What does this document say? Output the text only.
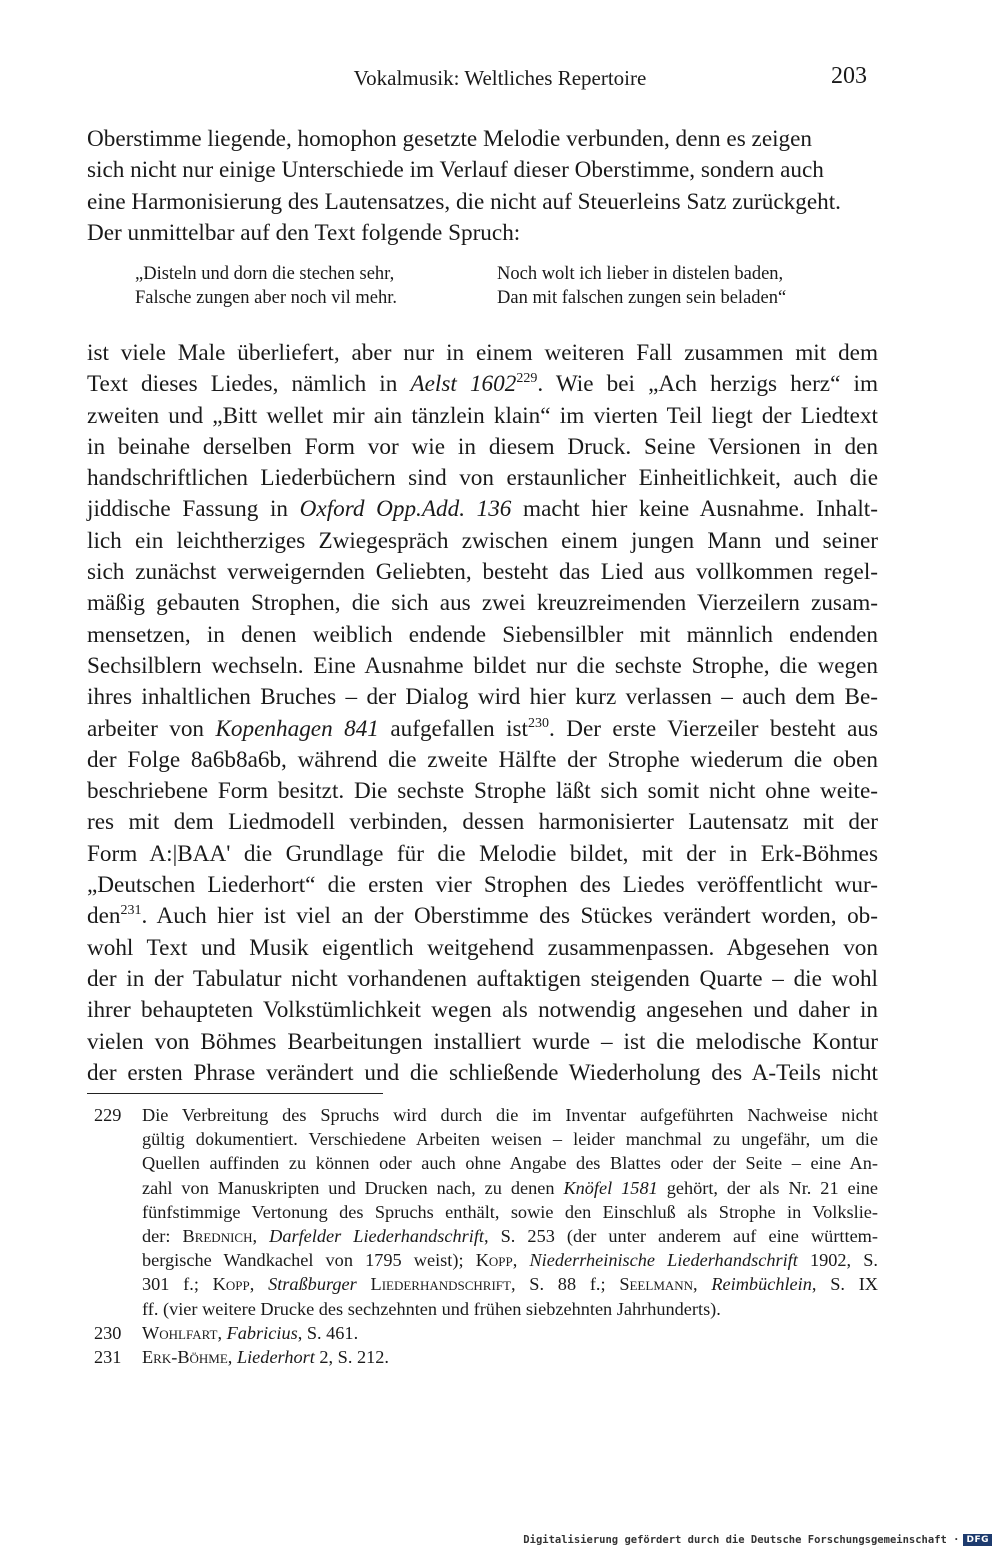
Vokalmusik: Weltliches Repertoire	203
Oberstimme liegende, homophon gesetzte Melodie verbunden, denn es zeigen
sich nicht nur einige Unterschiede im Verlauf dieser Oberstimme, sondern auch
eine Harmonisierung des Lautensatzes, die nicht auf Steuerleins Satz zurückgeht.
Der unmittelbar auf den Text folgende Spruch:
„Disteln und dorn die stechen sehr,
Falsche zungen aber noch vil mehr.
Noch wolt ich lieber in distelen baden,
Dan mit falschen zungen sein beladen“
ist viele Male überliefert, aber nur in einem weiteren Fall zusammen mit dem
Text dieses Liedes, nämlich in Aelst 1602$^{229}$. Wie bei „Ach herzigs herz“ im
zweiten und „Bitt wellet mir ain tänzlein klain“ im vierten Teil liegt der Liedtext
in beinahe derselben Form vor wie in diesem Druck. Seine Versionen in den
handschriftlichen Liederbüchern sind von erstaunlicher Einheitlichkeit, auch die
jiddische Fassung in Oxford Opp.Add. 136 macht hier keine Ausnahme. Inhalt-
lich ein leichtherziges Zwiegespräch zwischen einem jungen Mann und seiner
sich zunächst verweigernden Geliebten, besteht das Lied aus vollkommen regel-
mäßig gebauten Strophen, die sich aus zwei kreuzreimenden Vierzeilern zusam-
mensetzen, in denen weiblich endende Siebensilbler mit männlich endenden
Sechsilblern wechseln. Eine Ausnahme bildet nur die sechste Strophe, die wegen
ihres inhaltlichen Bruches – der Dialog wird hier kurz verlassen – auch dem Be-
arbeiter von Kopenhagen 841 aufgefallen ist$^{230}$. Der erste Vierzeiler besteht aus
der Folge 8a6b8a6b, während die zweite Hälfte der Strophe wiederum die oben
beschriebene Form besitzt. Die sechste Strophe läßt sich somit nicht ohne weite-
res mit dem Liedmodell verbinden, dessen harmonisierter Lautensatz mit der
Form A:|BAA' die Grundlage für die Melodie bildet, mit der in Erk-Böhmes
„Deutschen Liederhort“ die ersten vier Strophen des Liedes veröffentlicht wur-
den$^{231}$. Auch hier ist viel an der Oberstimme des Stückes verändert worden, ob-
wohl Text und Musik eigentlich weitgehend zusammenpassen. Abgesehen von
der in der Tabulatur nicht vorhandenen auftaktigen steigenden Quarte – die wohl
ihrer behaupteten Volkstümlichkeit wegen als notwendig angesehen und daher in
vielen von Böhmes Bearbeitungen installiert wurde – ist die melodische Kontur
der ersten Phrase verändert und die schließende Wiederholung des A-Teils nicht
229 Die Verbreitung des Spruchs wird durch die im Inventar aufgeführten Nachweise nicht
gültig dokumentiert. Verschiedene Arbeiten weisen – leider manchmal zu ungefähr, um die
Quellen auffinden zu können oder auch ohne Angabe des Blattes oder der Seite – eine An-
zahl von Manuskripten und Drucken nach, zu denen Knöfel 1581 gehört, der als Nr. 21 eine
fünfstimmige Vertonung des Spruchs enthält, sowie den Einschluß als Strophe in Volkslie-
der: Brednich, Darfelder Liederhandschrift, S. 253 (der unter anderem auf eine württem-
bergische Wandkachel von 1795 weist); Kopp, Niederrheinische Liederhandschrift 1902, S.
301 f.; Kopp, Straßburger Liederhandschrift, S. 88 f.; Seelmann, Reimbüchlein, S. IX
ff. (vier weitere Drucke des sechzehnten und frühen siebzehnten Jahrhunderts).
230 Wohlfart, Fabricius, S. 461.
231 Erk-Böhme, Liederhort 2, S. 212.
Digitalisierung gefördert durch die Deutsche Forschungsgemeinschaft · DFG
